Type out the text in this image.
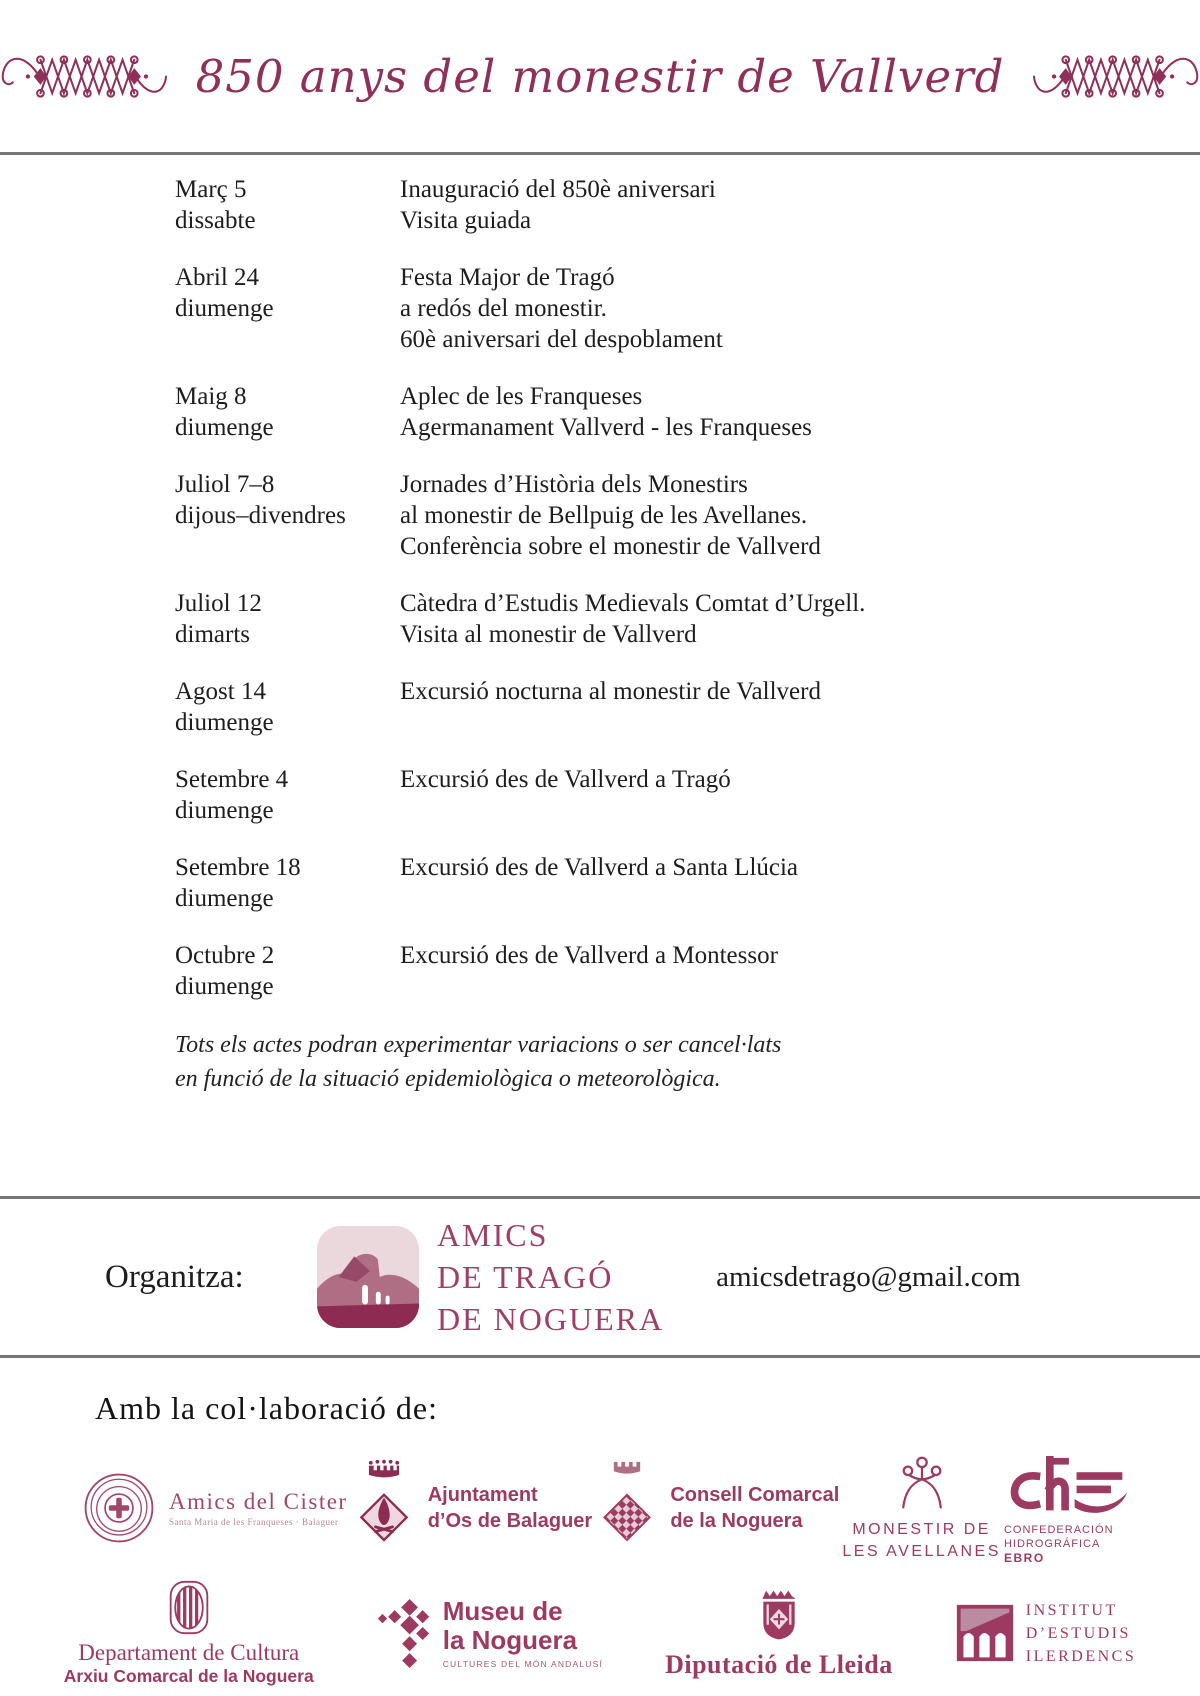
850 anys del monestir de Vallverd
Març 5
dissabte
Inauguració del 850è aniversari
Visita guiada
Abril 24
diumenge
Festa Major de Tragó
a redós del monestir.
60è aniversari del despoblament
Maig 8
diumenge
Aplec de les Franqueses
Agermanament Vallverd - les Franqueses
Juliol 7–8
dijous–divendres
Jornades d’Història dels Monestirs
al monestir de Bellpuig de les Avellanes.
Conferència sobre el monestir de Vallverd
Juliol 12
dimarts
Càtedra d’Estudis Medievals Comtat d’Urgell.
Visita al monestir de Vallverd
Agost 14
diumenge
Excursió nocturna al monestir de Vallverd
Setembre 4
diumenge
Excursió des de Vallverd a Tragó
Setembre 18
diumenge
Excursió des de Vallverd a Santa Llúcia
Octubre 2
diumenge
Excursió des de Vallverd a Montessor
Tots els actes podran experimentar variacions o ser cancel·lats
en funció de la situació epidemiològica o meteorològica.
Organitza:
AMICS
DE TRAGÓ
DE NOGUERA
amicsdetrago@gmail.com
Amb la col·laboració de:
Amics del Cister
Santa Maria de les Franqueses · Balaguer
Ajuntament
d’Os de Balaguer
Consell Comarcal
de la Noguera	MONESTIR DE
LES AVELLANES
CONFEDERACIÓN
HIDROGRÁFICA
EBRO
Departament de Cultura
Arxiu Comarcal de la Noguera
Museu de
la Noguera
CULTURES DEL MÓN ANDALUSÍ Diputació de Lleida
INSTITUT
D’ESTUDIS
ILERDENCS
